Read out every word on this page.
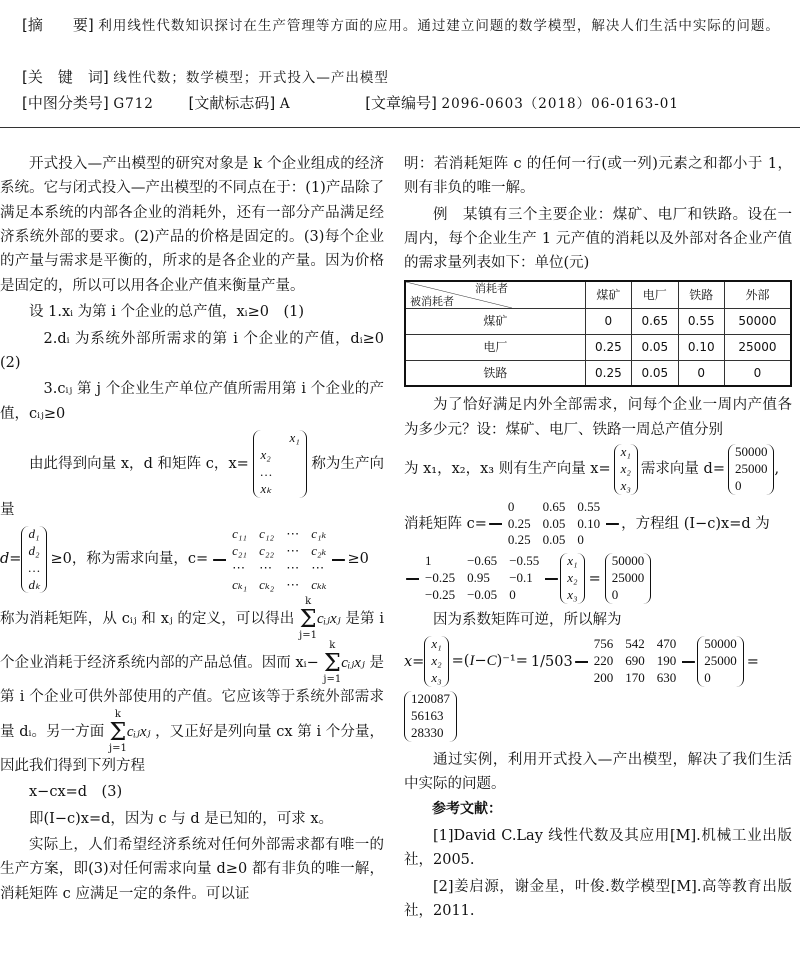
[摘　　要] 利用线性代数知识探讨在生产管理等方面的应用。通过建立问题的数学模型，解决人们生活中实际的问题。
[关　键　词] 线性代数；数学模型；开式投入—产出模型
[中图分类号] G712 [文献标志码] A	[文章编号] 2096-0603（2018）06-0163-01

开式投入—产出模型的研究对象是 k 个企业组成的经济系统。它与闭式投入—产出模型的不同点在于：(1)产品除了满足本系统的内部各企业的消耗外，还有一部分产品满足经济系统外部的要求。(2)产品的价格是固定的。(3)每个企业的产量与需求是平衡的，所求的是各企业的产量。因为价格是固定的，所以可以用各企业产值来衡量产量。

设 1.xᵢ 为第 i 个企业的总产值，xᵢ≥0　(1)

2.dᵢ 为系统外部所需求的第 i 个企业的产值，dᵢ≥0　(2)

3.cᵢⱼ 第 j 个企业生产单位产值所需用第 i 个企业的产值，cᵢⱼ≥0

由此得到向量 x，d 和矩阵 c，x= x₁
x₂
…
xₖ 称为生产向量

d=
d₁
d₂
…
dₖ
≥0，称为需求向量，c=
c₁₁	c₁₂	⋯	c₁ₖ
c₂₁	c₂₂	⋯	c₂ₖ
⋯	⋯	⋯	⋯
cₖ₁	cₖ₂	⋯	cₖₖ
≥0

称为消耗矩阵，从 cᵢⱼ 和 xⱼ 的定义，可以得出
k
Σ
j=1
cᵢⱼxⱼ 是第 i 个企业消耗于经济系统内部的产品总值。因而 xᵢ−
k
Σ
j=1
cᵢⱼxⱼ 是第 i 个企业可供外部使用的产值。它应该等于系统外部需求量 dᵢ。另一方面
k
Σ
j=1
cᵢⱼxⱼ ，又正好是列向量 cx 第 i 个分量，因此我们得到下列方程

x−cx=d　(3)

即(I−c)x=d，因为 c 与 d 是已知的，可求 x。

实际上，人们希望经济系统对任何外部需求都有唯一的生产方案，即(3)对任何需求向量 d≥0 都有非负的唯一解，消耗矩阵 c 应满足一定的条件。可以证

明：若消耗矩阵 c 的任何一行(或一列)元素之和都小于 1，则有非负的唯一解。

例　某镇有三个主要企业：煤矿、电厂和铁路。设在一周内，每个企业生产 1 元产值的消耗以及外部对各企业产值的需求量列表如下：单位(元)

消耗者
被消耗者	煤矿	电厂	铁路	外部
煤矿	0	0.65	0.55	50000
电厂	0.25	0.05	0.10	25000
铁路	0.25	0.05	0	0

为了恰好满足内外全部需求，问每个企业一周内产值各为多少元？设：煤矿、电厂、铁路一周总产值分别

为 x₁，x₂，x₃ 则有生产向量 x=
x₁
x₂
x₃
需求向量 d=
50000
25000
0
,
消耗矩阵 c=
0	0.65	0.55
0.25	0.05	0.10
0.25	0.05	0
，方程组 (I−c)x=d 为
1	−0.65	−0.55
−0.25	0.95	−0.1
−0.25	−0.05	0
x₁
x₂
x₃
=
50000
25000
0

因为系数矩阵可逆，所以解为

x=
x₁
x₂
x₃
=(I−C)⁻¹= 1/503
756	542	470
220	690	190
200	170	630
50000
25000
0
=
120087
56163
28330

通过实例，利用开式投入—产出模型，解决了我们生活中实际的问题。

参考文献：

[1]David C.Lay 线性代数及其应用[M].机械工业出版社，2005.

[2]姜启源，谢金星，叶俊.数学模型[M].高等教育出版社，2011.
